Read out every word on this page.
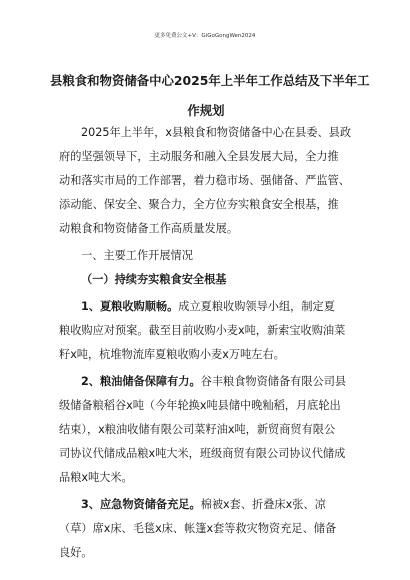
更多免费公文+V：GiGoGongWen2024
县粮食和物资储备中心2025年上半年工作总结及下半年工
作规划
2025年上半年，x县粮食和物资储备中心在县委、县政
府的坚强领导下，主动服务和融入全县发展大局，全力推
动和落实市局的工作部署，着力稳市场、强储备、严监管、
添动能、保安全、聚合力，全方位夯实粮食安全根基，推
动粮食和物资储备工作高质量发展。
一、主要工作开展情况
（一）持续夯实粮食安全根基
1、夏粮收购顺畅。成立夏粮收购领导小组，制定夏
粮收购应对预案。截至目前收购小麦x吨，新索宝收购油菜
籽x吨，杭堆物流库夏粮收购小麦x万吨左右。
2、粮油储备保障有力。谷丰粮食物资储备有限公司县
级储备粮稻谷x吨（今年轮换x吨县储中晚籼稻，月底轮出
结束），x粮油收储有限公司菜籽油x吨，新贸商贸有限公
司协议代储成品粮x吨大米，班级商贸有限公司协议代储成
品粮x吨大米。
3、应急物资储备充足。棉被x套、折叠床x张、凉
（草）席x床、毛毯x床、帐篷x套等救灾物资充足、储备
良好。
